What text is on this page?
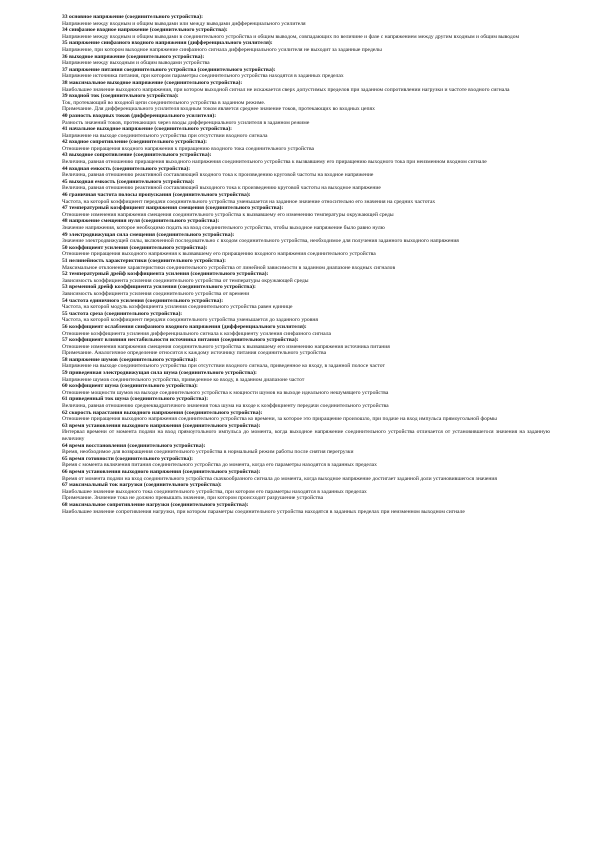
33 основное напряжение (соединительного устройства):
Напряжение между входным и общим выводами или между выводами дифференциального усилителя

34 синфазное входное напряжение (соединительного устройства):
Напряжение между входным и общим выводами в соединительного устройства и общим выводом, совпадающих по величине и фазе с напряжением между другим входным и общим выводом

35 напряжение синфазного входного напряжения (дифференциального усилителя):
Напряжение, при котором выходное напряжение синфазного сигнала дифференциального усилителя не выходит за заданные пределы

36 выходное напряжение (соединительного устройства):
Напряжение между выходным и общим выводами устройства

37 напряжение питания соединительного устройства (соединительного устройства):
Напряжение источника питания, при котором параметры соединительного устройства находятся в заданных пределах

38 максимальное выходное напряжение (соединительного устройства):
Наибольшее значение выходного напряжения, при котором выходной сигнал не искажается сверх допустимых пределов при заданном сопротивлении нагрузки и частоте входного сигнала

39 входной ток (соединительного устройства):
Ток, протекающий во входной цепи соединительного устройства в заданном режиме.
Примечание. Для дифференциального усилителя входным током является среднее значение токов, протекающих во входных цепях

40 разность входных токов (дифференциального усилителя):
Разность значений токов, протекающих через входы дифференциального усилителя в заданном режиме

41 начальное выходное напряжение (соединительного устройства):
Напряжение на выходе соединительного устройства при отсутствии входного сигнала

42 входное сопротивление (соединительного устройства):
Отношение приращения входного напряжения к приращению входного тока соединительного устройства

43 выходное сопротивление (соединительного устройства):
Величина, равная отношению приращения выходного напряжения соединительного устройства к вызвавшему его приращению выходного тока при неизменном входном сигнале

44 входная емкость (соединительного устройства):
Величина, равная отношению реактивной составляющей входного тока к произведению круговой частоты на входное напряжение

45 выходная емкость (соединительного устройства):
Величина, равная отношению реактивной составляющей выходного тока к произведению круговой частоты на выходное напряжение

46 граничная частота полосы пропускания (соединительного устройства):
Частота, на которой коэффициент передачи соединительного устройства уменьшается на заданное значение относительно его значения на средних частотах

47 температурный коэффициент напряжения смещения (соединительного устройства):
Отношение изменения напряжения смещения соединительного устройства к вызвавшему его изменению температуры окружающей среды

48 напряжение смещения нуля (соединительного устройства):
Значение напряжения, которое необходимо подать на вход соединительного устройства, чтобы выходное напряжение было равно нулю

49 электродвижущая сила смещения (соединительного устройства):
Значение электродвижущей силы, включенной последовательно с входом соединительного устройства, необходимое для получения заданного выходного напряжения

50 коэффициент усиления (соединительного устройства):
Отношение приращения выходного напряжения к вызвавшему его приращению входного напряжения соединительного устройства

51 нелинейность характеристики (соединительного устройства):
Максимальное отклонение характеристики соединительного устройства от линейной зависимости в заданном диапазоне входных сигналов

52 температурный дрейф коэффициента усиления (соединительного устройства):
Зависимость коэффициента усиления соединительного устройства от температуры окружающей среды

53 временной дрейф коэффициента усиления (соединительного устройства):
Зависимость коэффициента усиления соединительного устройства от времени

54 частота единичного усиления (соединительного устройства):
Частота, на которой модуль коэффициента усиления соединительного устройства равен единице

55 частота среза (соединительного устройства):
Частота, на которой коэффициент передачи соединительного устройства уменьшается до заданного уровня

56 коэффициент ослабления синфазного входного напряжения (дифференциального усилителя):
Отношение коэффициента усиления дифференциального сигнала к коэффициенту усиления синфазного сигнала

57 коэффициент влияния нестабильности источника питания (соединительного устройства):
Отношение изменения напряжения смещения соединительного устройства к вызвавшему его изменению напряжения источника питания
Примечание. Аналогичное определение относится к каждому источнику питания соединительного устройства

58 напряжение шумов (соединительного устройства):
Напряжение на выходе соединительного устройства при отсутствии входного сигнала, приведенное ко входу, в заданной полосе частот

59 приведенная электродвижущая сила шума (соединительного устройства):
Напряжение шумов соединительного устройства, приведенное ко входу, в заданном диапазоне частот

60 коэффициент шума (соединительного устройства):
Отношение мощности шумов на выходе соединительного устройства к мощности шумов на выходе идеального нешумящего устройства

61 приведенный ток шума (соединительного устройства):
Величина, равная отношению среднеквадратичного значения тока шума на входе к коэффициенту передачи соединительного устройства

62 скорость нарастания выходного напряжения (соединительного устройства):
Отношение приращения выходного напряжения соединительного устройства ко времени, за которое это приращение произошло, при подаче на вход импульса прямоугольной формы

63 время установления выходного напряжения (соединительного устройства):
Интервал времени от момента подачи на вход прямоугольного импульса до момента, когда выходное напряжение соединительного устройства отличается от установившегося значения на заданную величину

64 время восстановления (соединительного устройства):
Время, необходимое для возвращения соединительного устройства в нормальный режим работы после снятия перегрузки

65 время готовности (соединительного устройства):
Время с момента включения питания соединительного устройства до момента, когда его параметры находятся в заданных пределах

66 время установления выходного напряжения (соединительного устройства):
Время от момента подачи на вход соединительного устройства скачкообразного сигнала до момента, когда выходное напряжение достигает заданной доли установившегося значения

67 максимальный ток нагрузки (соединительного устройства):
Наибольшее значение выходного тока соединительного устройства, при котором его параметры находятся в заданных пределах
Примечание. Значение тока не должно превышать значение, при котором происходит разрушение устройства

68 максимальное сопротивление нагрузки (соединительного устройства):
Наибольшее значение сопротивления нагрузки, при котором параметры соединительного устройства находятся в заданных пределах при неизменном выходном сигнале
